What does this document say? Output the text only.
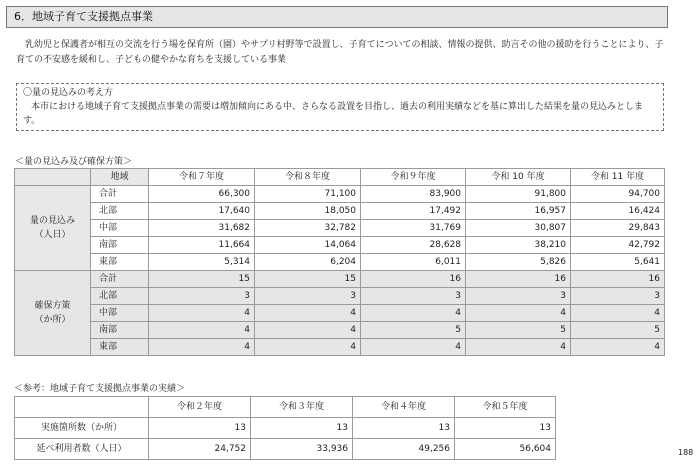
6．地域子育て支援拠点事業
乳幼児と保護者が相互の交流を行う場を保育所（園）やサプリ村野等で設置し、子育てについての相談、情報の提供、助言その他の援助を行うことにより、子育ての不安感を緩和し、子どもの健やかな育ちを支援している事業
〇量の見込みの考え方
本市における地域子育て支援拠点事業の需要は増加傾向にある中、さらなる設置を目指し、過去の利用実績などを基に算出した結果を量の見込みとします。
＜量の見込み及び確保方策＞
	地域	令和７年度	令和８年度	令和９年度	令和 10 年度	令和 11 年度
量の見込み
（人日）	合計	66,300	71,100	83,900	91,800	94,700
	北部	17,640	18,050	17,492	16,957	16,424
	中部	31,682	32,782	31,769	30,807	29,843
	南部	11,664	14,064	28,628	38,210	42,792
	東部	5,314	6,204	6,011	5,826	5,641
確保方策
（か所）	合計	15	15	16	16	16
	北部	3	3	3	3	3
	中部	4	4	4	4	4
	南部	4	4	5	5	5
	東部	4	4	4	4	4
＜参考：地域子育て支援拠点事業の実績＞
	令和２年度	令和３年度	令和４年度	令和５年度
実施箇所数（か所）	13	13	13	13
延べ利用者数（人日）	24,752	33,936	49,256	56,604	188
